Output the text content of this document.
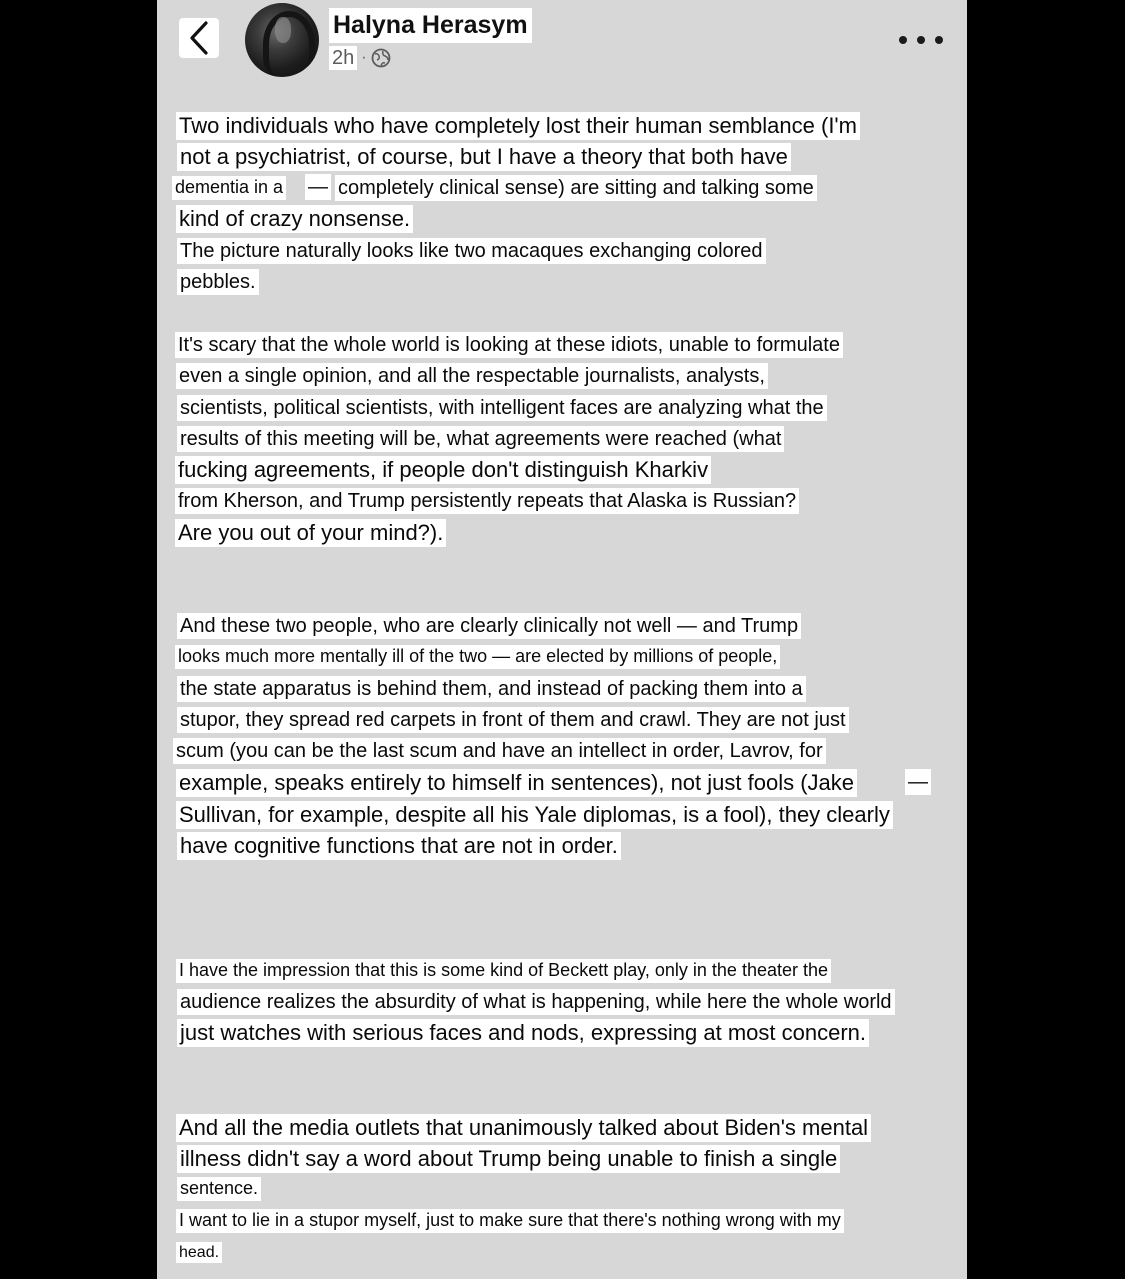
Halyna Herasym
2h ·
Two individuals who have completely lost their human semblance (I'm
not a psychiatrist, of course, but I have a theory that both have
dementia in a — completely clinical sense) are sitting and talking some
kind of crazy nonsense.
The picture naturally looks like two macaques exchanging colored
pebbles.
It's scary that the whole world is looking at these idiots, unable to formulate
even a single opinion, and all the respectable journalists, analysts,
scientists, political scientists, with intelligent faces are analyzing what the
results of this meeting will be, what agreements were reached (what
fucking agreements, if people don't distinguish Kharkiv
from Kherson, and Trump persistently repeats that Alaska is Russian?
Are you out of your mind?).
And these two people, who are clearly clinically not well — and Trump
looks much more mentally ill of the two — are elected by millions of people,
the state apparatus is behind them, and instead of packing them into a
stupor, they spread red carpets in front of them and crawl. They are not just
scum (you can be the last scum and have an intellect in order, Lavrov, for
example, speaks entirely to himself in sentences), not just fools (Jake	—
Sullivan, for example, despite all his Yale diplomas, is a fool), they clearly
have cognitive functions that are not in order.
I have the impression that this is some kind of Beckett play, only in the theater the
audience realizes the absurdity of what is happening, while here the whole world
just watches with serious faces and nods, expressing at most concern.
And all the media outlets that unanimously talked about Biden's mental
illness didn't say a word about Trump being unable to finish a single
sentence.
I want to lie in a stupor myself, just to make sure that there's nothing wrong with my
head.
